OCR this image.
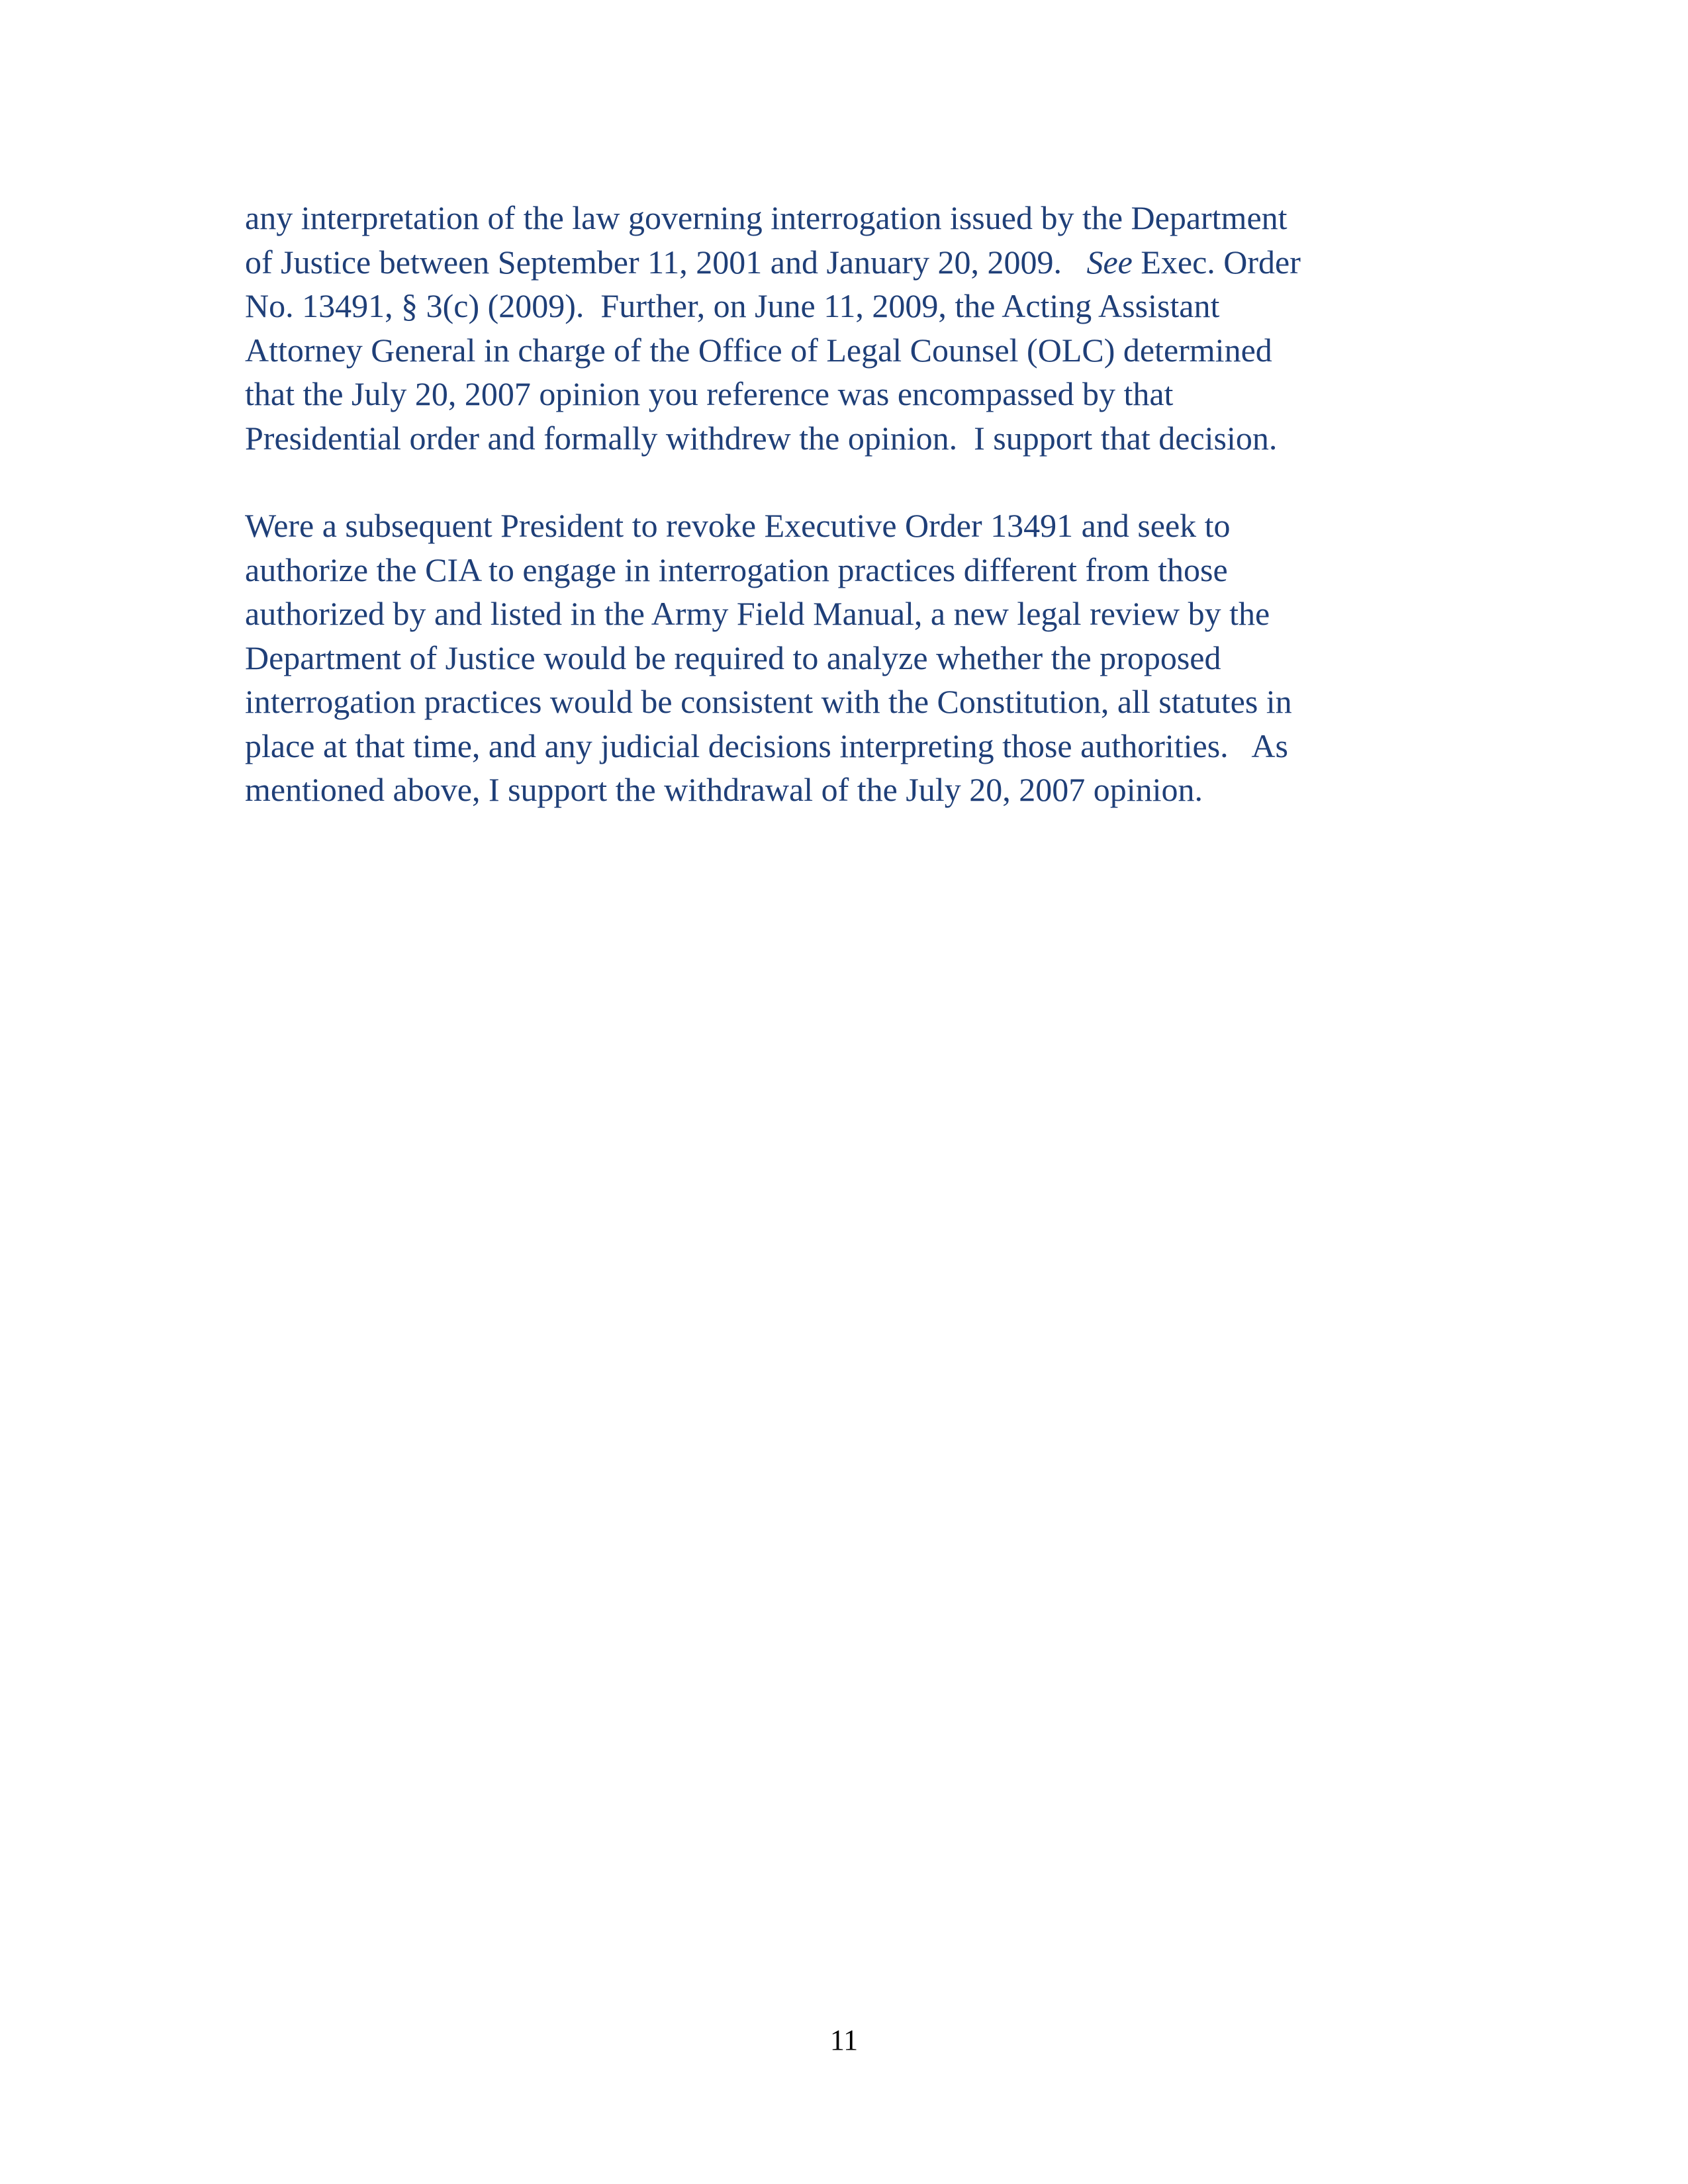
any interpretation of the law governing interrogation issued by the Department
of Justice between September 11, 2001 and January 20, 2009.   See Exec. Order
No. 13491, § 3(c) (2009).  Further, on June 11, 2009, the Acting Assistant
Attorney General in charge of the Office of Legal Counsel (OLC) determined
that the July 20, 2007 opinion you reference was encompassed by that
Presidential order and formally withdrew the opinion.  I support that decision.

Were a subsequent President to revoke Executive Order 13491 and seek to
authorize the CIA to engage in interrogation practices different from those
authorized by and listed in the Army Field Manual, a new legal review by the
Department of Justice would be required to analyze whether the proposed
interrogation practices would be consistent with the Constitution, all statutes in
place at that time, and any judicial decisions interpreting those authorities.   As
mentioned above, I support the withdrawal of the July 20, 2007 opinion.

11
